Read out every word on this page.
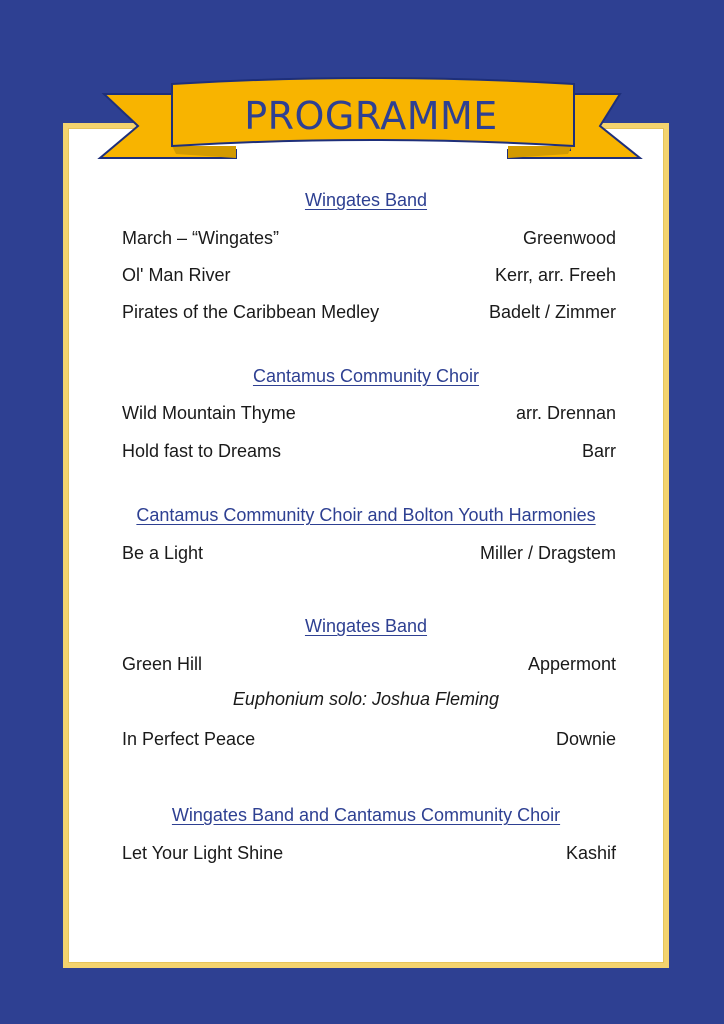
PROGRAMME
Wingates Band
March – “Wingates”	Greenwood
Ol' Man River	Kerr, arr. Freeh
Pirates of the Caribbean Medley	Badelt / Zimmer
Cantamus Community Choir
Wild Mountain Thyme	arr. Drennan
Hold fast to Dreams	Barr
Cantamus Community Choir and Bolton Youth Harmonies
Be a Light	Miller / Dragstem
Wingates Band
Green Hill	Appermont
Euphonium solo: Joshua Fleming
In Perfect Peace	Downie
Wingates Band and Cantamus Community Choir
Let Your Light Shine	Kashif
